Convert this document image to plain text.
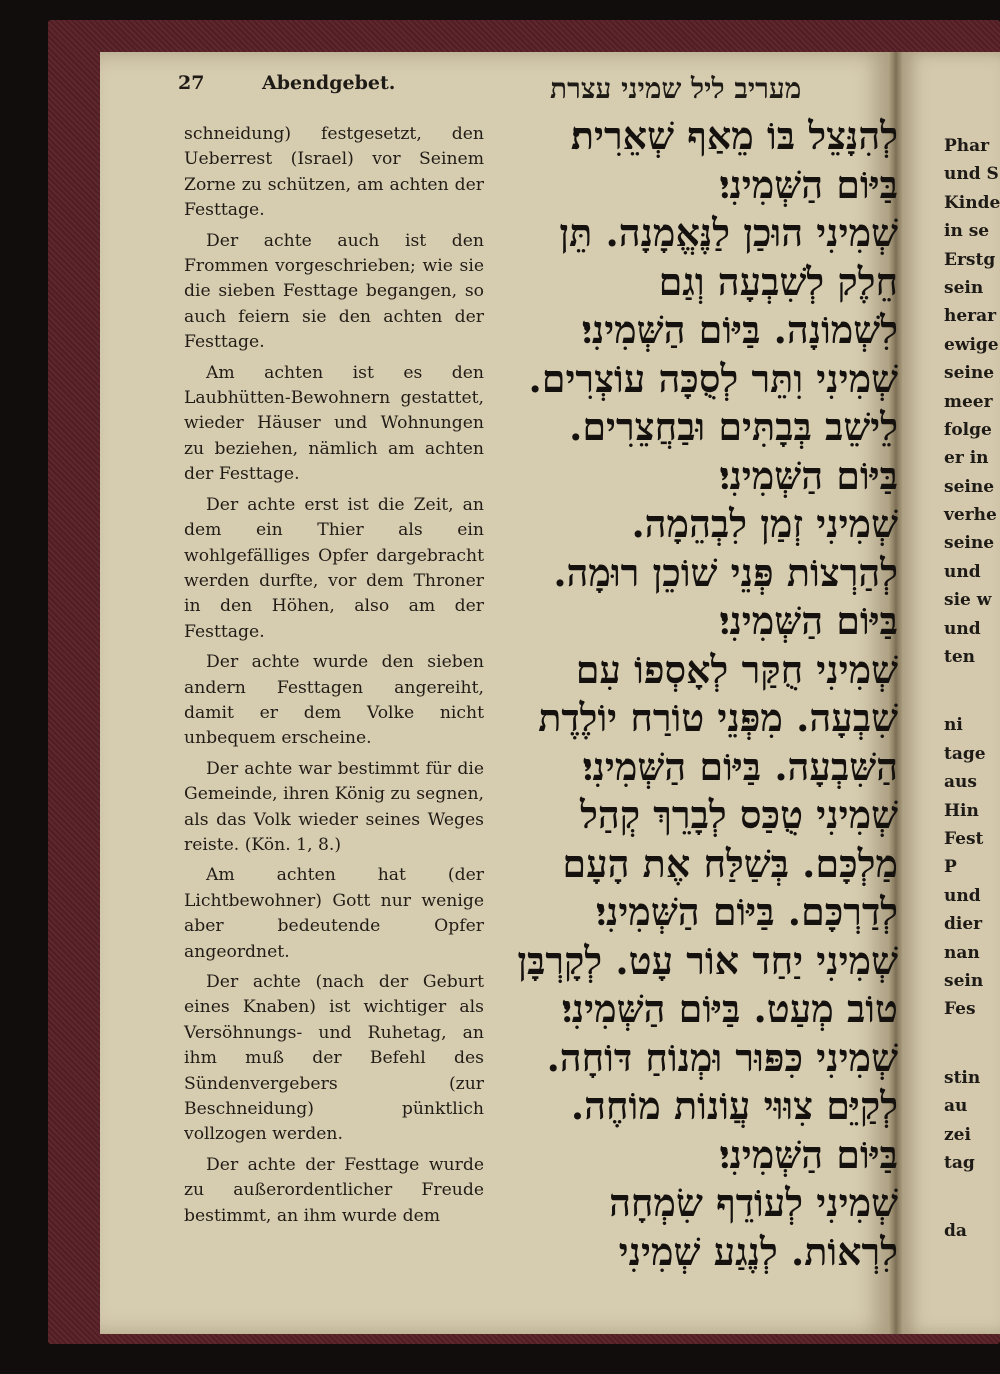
27	Abendgebet.	מעריב ליל שמיני עצרת
schneidung) festgesetzt, den Ueberrest (Israel) vor Seinem Zorne zu schützen, am achten der Festtage.
Der achte auch ist den Frommen vorgeschrieben; wie sie die sieben Festtage begangen, so auch feiern sie den achten der Festtage.
Am achten ist es den Laubhütten-Bewohnern gestattet, wieder Häuser und Wohnungen zu beziehen, nämlich am achten der Festtage.
Der achte erst ist die Zeit, an dem ein Thier als ein wohlgefälliges Opfer dargebracht werden durfte, vor dem Throner in den Höhen, also am der Festtage.
Der achte wurde den sieben andern Festtagen angereiht, damit er dem Volke nicht unbequem erscheine.
Der achte war bestimmt für die Gemeinde, ihren König zu segnen, als das Volk wieder seines Weges reiste. (Kön. 1, 8.)
Am achten hat (der Lichtbewohner) Gott nur wenige aber bedeutende Opfer angeordnet.
Der achte (nach der Geburt eines Knaben) ist wichtiger als Versöhnungs- und Ruhetag, an ihm muß der Befehl des Sündenvergebers (zur Beschneidung) pünktlich vollzogen werden.
Der achte der Festtage wurde zu außerordentlicher Freude bestimmt, an ihm wurde dem
לְהִנָּצֵל בּוֹ מֵאַף שְׁאֵרִית׃
בַּיּוֹם הַשְּׁמִינִי׃
שְׁמִינִי הוּכַן לַנֶּאֱמָנָה. תֵּן
חֵלֶק לְשִׁבְעָה וְגַם
לִשְׁמוֹנָה. בַּיּוֹם הַשְּׁמִינִי׃
שְׁמִינִי וִתֵּר לְסֻכָּה עוֹצְרִים.
לֵישֵׁב בְּבָתִּים וּבַחֲצֵרִים.
בַּיּוֹם הַשְּׁמִינִי׃
שְׁמִינִי זְמַן לִבְהֵמָה.
לְהַרְצוֹת פְּנֵי שׁוֹכֵן רוּמָה.
בַּיּוֹם הַשְּׁמִינִי׃
שְׁמִינִי חֻקַּר לְאָסְפוֹ עִם
שִׁבְעָה. מִפְּנֵי טוֹרַח יוֹלֶדֶת
הַשִּׁבְעָה. בַּיּוֹם הַשְּׁמִינִי׃
שְׁמִינִי טֻכַּס לְבָרֵךְ קְהַל
מַלְכָּם. בְּשַׁלַּח אֶת הָעָם
לְדַרְכָּם. בַּיּוֹם הַשְּׁמִינִי׃
שְׁמִינִי יַחַד אוֹר עָט. לְקָרְבָּן
טוֹב מְעַט. בַּיּוֹם הַשְּׁמִינִי׃
שְׁמִינִי כִּפּוּר וּמְנוֹחַ דּוֹחָה.
לְקַיֵּם צִוּוּי עֲוֹנוֹת מוֹחֶה.
בַּיּוֹם הַשְּׁמִינִי׃
שְׁמִינִי לְעוֹדֵף שִׂמְחָה
לִרְאוֹת. לְנֶגַע שְׁמִינִי
Phar
und S
Kinde
in se
Erstg
sein
herar
ewige
seine
meer
folge
er in
seine
verhe
seine
und
sie w
und
ten
ni
tage
aus
Hin
Fest
P
und
dier
nan
sein
Fes
stin
au
zei
tag
da
